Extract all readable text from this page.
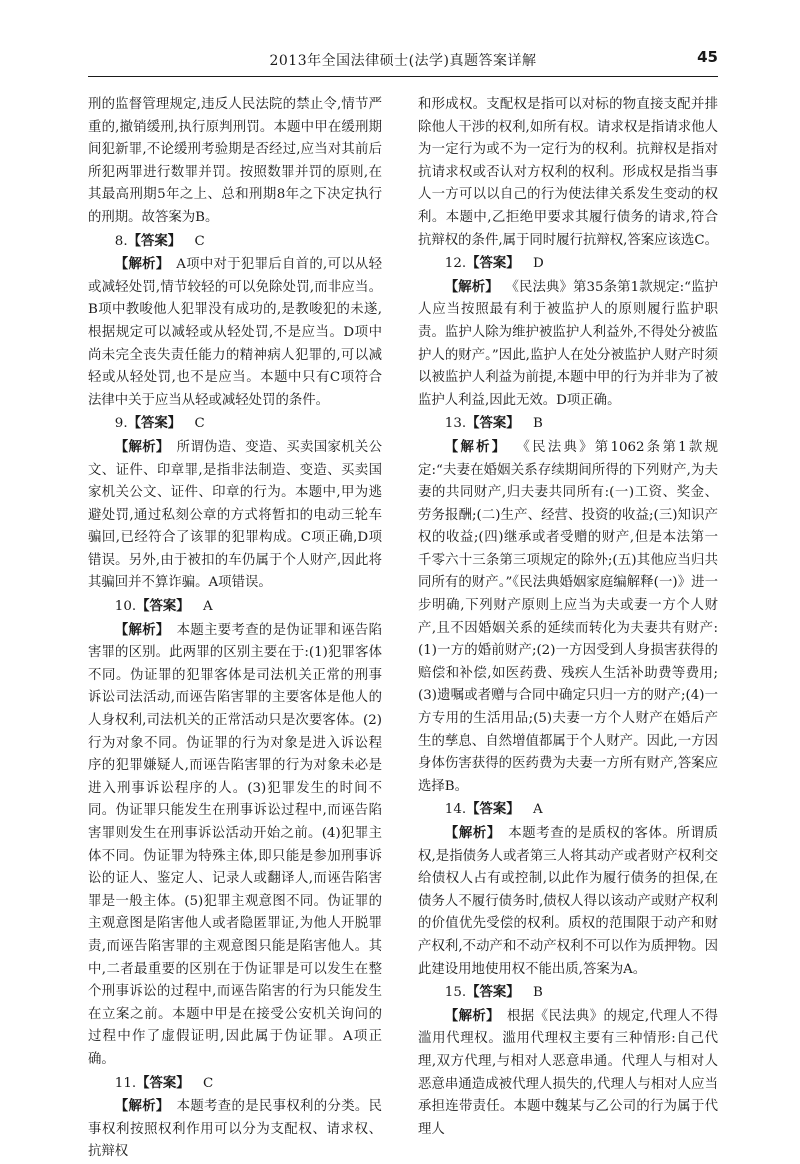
2013年全国法律硕士(法学)真题答案详解	45

刑的监督管理规定,违反人民法院的禁止令,情节严重的,撤销缓刑,执行原判刑罚。本题中甲在缓刑期间犯新罪,不论缓刑考验期是否经过,应当对其前后所犯两罪进行数罪并罚。按照数罪并罚的原则,在其最高刑期5年之上、总和刑期8年之下决定执行的刑期。故答案为B。

8.【答案】  C

【解析】  A项中对于犯罪后自首的,可以从轻或减轻处罚,情节较轻的可以免除处罚,而非应当。B项中教唆他人犯罪没有成功的,是教唆犯的未遂,根据规定可以减轻或从轻处罚,不是应当。D项中尚未完全丧失责任能力的精神病人犯罪的,可以减轻或从轻处罚,也不是应当。本题中只有C项符合法律中关于应当从轻或减轻处罚的条件。

9.【答案】  C

【解析】  所谓伪造、变造、买卖国家机关公文、证件、印章罪,是指非法制造、变造、买卖国家机关公文、证件、印章的行为。本题中,甲为逃避处罚,通过私刻公章的方式将暂扣的电动三轮车骗回,已经符合了该罪的犯罪构成。C项正确,D项错误。另外,由于被扣的车仍属于个人财产,因此将其骗回并不算诈骗。A项错误。

10.【答案】  A

【解析】  本题主要考查的是伪证罪和诬告陷害罪的区别。此两罪的区别主要在于:(1)犯罪客体不同。伪证罪的犯罪客体是司法机关正常的刑事诉讼司法活动,而诬告陷害罪的主要客体是他人的人身权利,司法机关的正常活动只是次要客体。(2)行为对象不同。伪证罪的行为对象是进入诉讼程序的犯罪嫌疑人,而诬告陷害罪的行为对象未必是进入刑事诉讼程序的人。(3)犯罪发生的时间不同。伪证罪只能发生在刑事诉讼过程中,而诬告陷害罪则发生在刑事诉讼活动开始之前。(4)犯罪主体不同。伪证罪为特殊主体,即只能是参加刑事诉讼的证人、鉴定人、记录人或翻译人,而诬告陷害罪是一般主体。(5)犯罪主观意图不同。伪证罪的主观意图是陷害他人或者隐匿罪证,为他人开脱罪责,而诬告陷害罪的主观意图只能是陷害他人。其中,二者最重要的区别在于伪证罪是可以发生在整个刑事诉讼的过程中,而诬告陷害的行为只能发生在立案之前。本题中甲是在接受公安机关询问的过程中作了虚假证明,因此属于伪证罪。A项正确。

11.【答案】  C

【解析】  本题考查的是民事权利的分类。民事权利按照权利作用可以分为支配权、请求权、抗辩权

和形成权。支配权是指可以对标的物直接支配并排除他人干涉的权利,如所有权。请求权是指请求他人为一定行为或不为一定行为的权利。抗辩权是指对抗请求权或否认对方权利的权利。形成权是指当事人一方可以以自己的行为使法律关系发生变动的权利。本题中,乙拒绝甲要求其履行债务的请求,符合抗辩权的条件,属于同时履行抗辩权,答案应该选C。

12.【答案】  D

【解析】  《民法典》第35条第1款规定:“监护人应当按照最有利于被监护人的原则履行监护职责。监护人除为维护被监护人利益外,不得处分被监护人的财产。”因此,监护人在处分被监护人财产时须以被监护人利益为前提,本题中甲的行为并非为了被监护人利益,因此无效。D项正确。

13.【答案】  B

【解析】  《民法典》第1062条第1款规定:“夫妻在婚姻关系存续期间所得的下列财产,为夫妻的共同财产,归夫妻共同所有:(一)工资、奖金、劳务报酬;(二)生产、经营、投资的收益;(三)知识产权的收益;(四)继承或者受赠的财产,但是本法第一千零六十三条第三项规定的除外;(五)其他应当归共同所有的财产。”《民法典婚姻家庭编解释(一)》进一步明确,下列财产原则上应当为夫或妻一方个人财产,且不因婚姻关系的延续而转化为夫妻共有财产:(1)一方的婚前财产;(2)一方因受到人身损害获得的赔偿和补偿,如医药费、残疾人生活补助费等费用;(3)遗嘱或者赠与合同中确定只归一方的财产;(4)一方专用的生活用品;(5)夫妻一方个人财产在婚后产生的孳息、自然增值都属于个人财产。因此,一方因身体伤害获得的医药费为夫妻一方所有财产,答案应选择B。

14.【答案】  A

【解析】  本题考查的是质权的客体。所谓质权,是指债务人或者第三人将其动产或者财产权利交给债权人占有或控制,以此作为履行债务的担保,在债务人不履行债务时,债权人得以该动产或财产权利的价值优先受偿的权利。质权的范围限于动产和财产权利,不动产和不动产权利不可以作为质押物。因此建设用地使用权不能出质,答案为A。

15.【答案】  B

【解析】  根据《民法典》的规定,代理人不得滥用代理权。滥用代理权主要有三种情形:自己代理,双方代理,与相对人恶意串通。代理人与相对人恶意串通造成被代理人损失的,代理人与相对人应当承担连带责任。本题中魏某与乙公司的行为属于代理人
